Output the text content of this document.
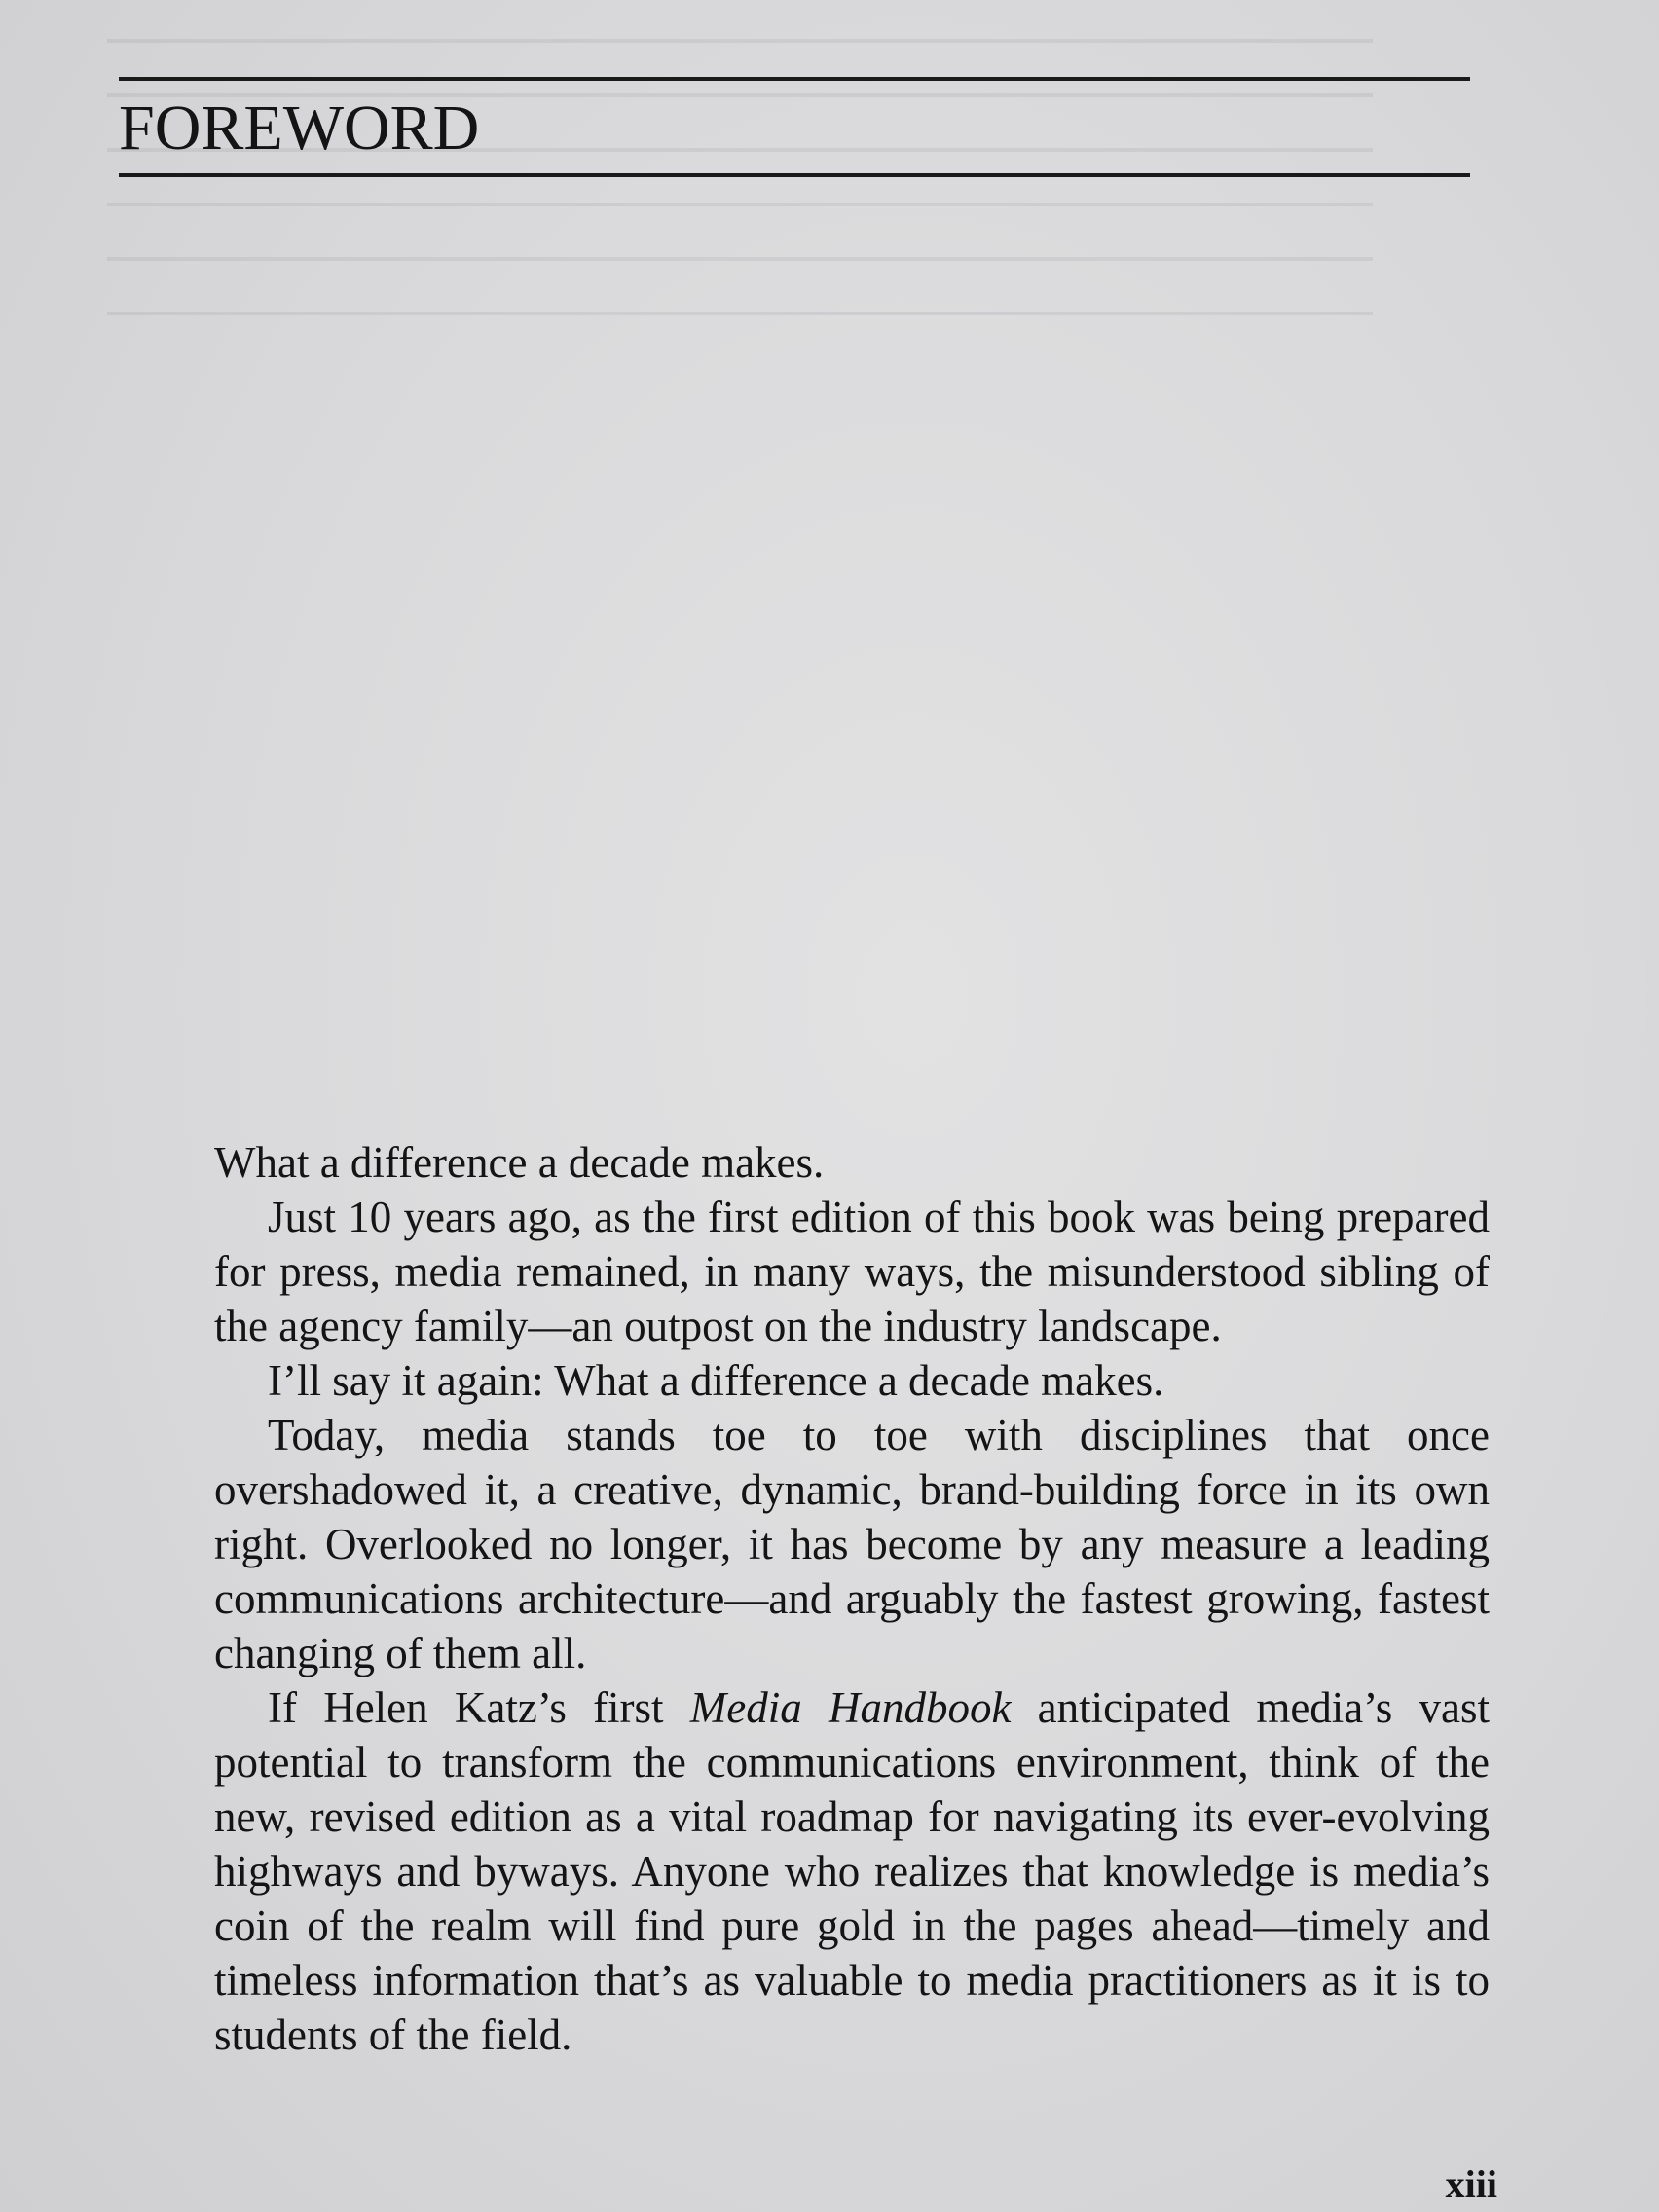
FOREWORD

What a difference a decade makes.

Just 10 years ago, as the first edition of this book was being prepared for press, media remained, in many ways, the misunderstood sibling of the agency family—an outpost on the industry landscape.

I’ll say it again: What a difference a decade makes.

Today, media stands toe to toe with disciplines that once overshadowed it, a creative, dynamic, brand-building force in its own right. Overlooked no longer, it has become by any measure a leading communications architecture—and arguably the fastest growing, fastest changing of them all.

If Helen Katz’s first Media Handbook anticipated media’s vast potential to transform the communications environment, think of the new, revised edition as a vital roadmap for navigating its ever-evolving highways and byways. Anyone who realizes that knowledge is media’s coin of the realm will find pure gold in the pages ahead—timely and timeless information that’s as valuable to media practitioners as it is to students of the field.

xiii
